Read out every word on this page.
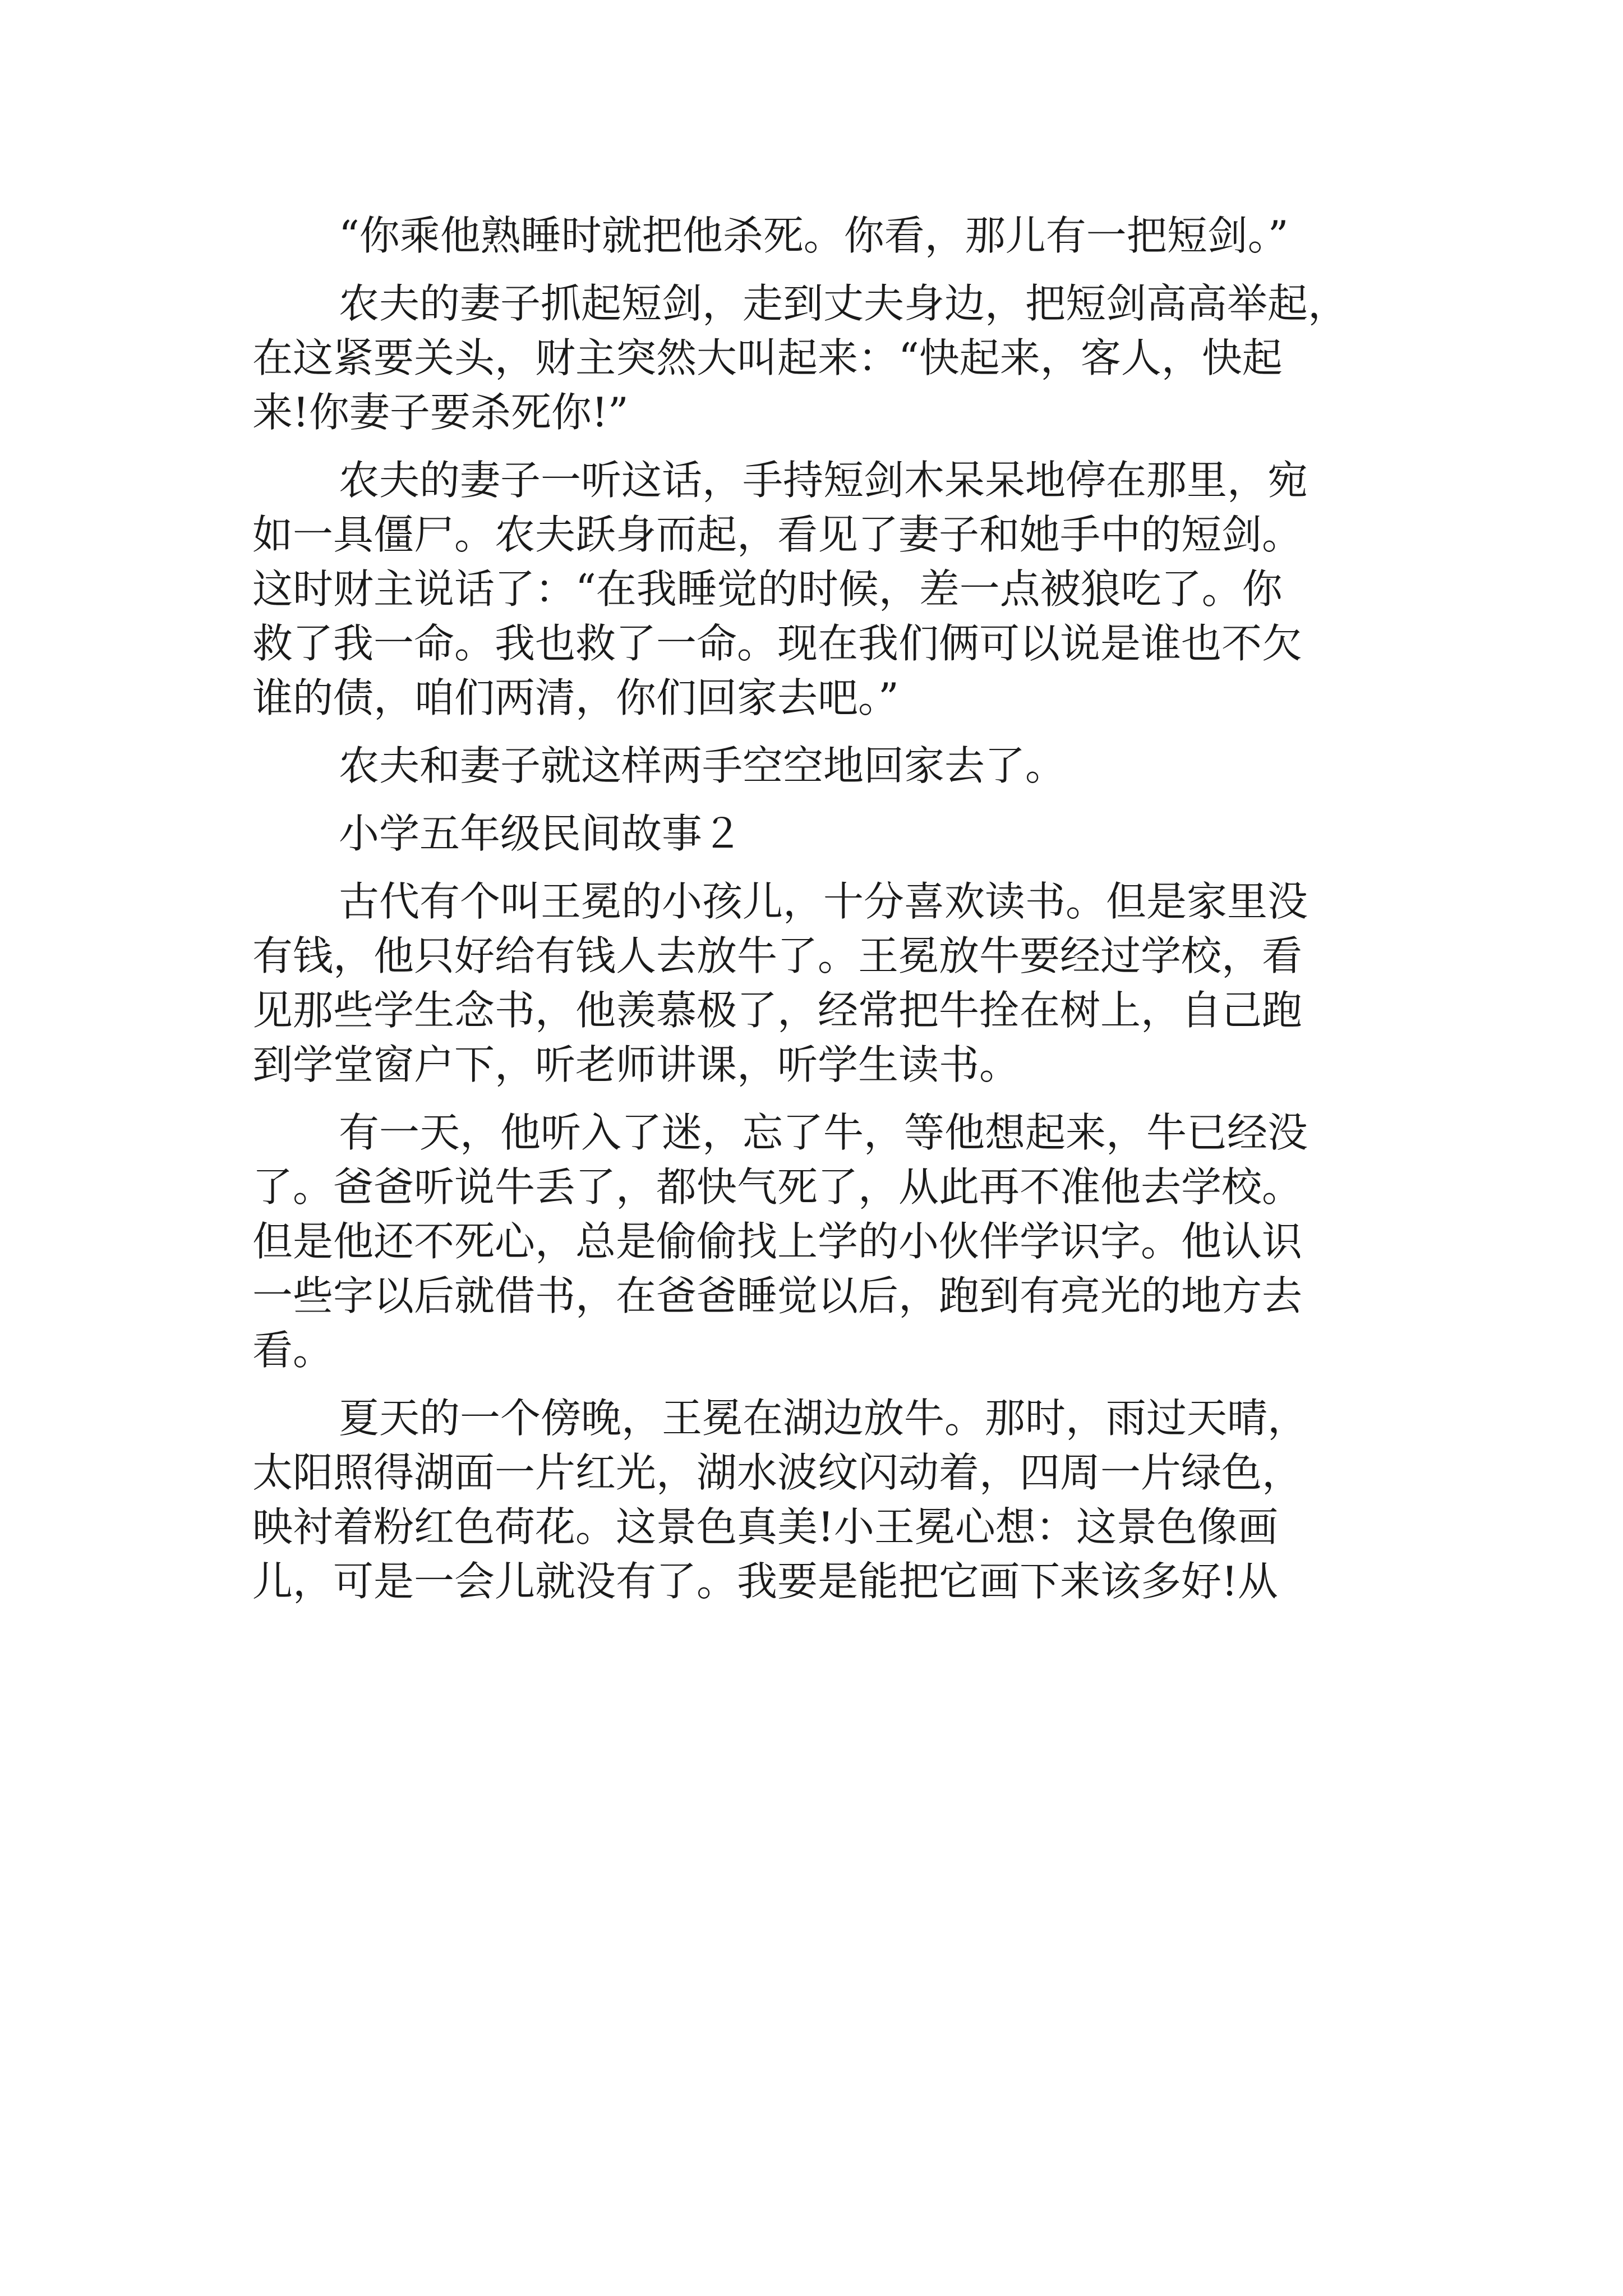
“你乘他熟睡时就把他杀死。你看，那儿有一把短剑。”
农夫的妻子抓起短剑，走到丈夫身边，把短剑高高举起，
在这紧要关头，财主突然大叫起来：“快起来，客人，快起
来!你妻子要杀死你!”
农夫的妻子一听这话，手持短剑木呆呆地停在那里，宛
如一具僵尸。农夫跃身而起，看见了妻子和她手中的短剑。
这时财主说话了：“在我睡觉的时候，差一点被狼吃了。你
救了我一命。我也救了一命。现在我们俩可以说是谁也不欠
谁的债，咱们两清，你们回家去吧。”
农夫和妻子就这样两手空空地回家去了。
小学五年级民间故事２
古代有个叫王冕的小孩儿，十分喜欢读书。但是家里没
有钱，他只好给有钱人去放牛了。王冕放牛要经过学校，看
见那些学生念书，他羡慕极了，经常把牛拴在树上，自己跑
到学堂窗户下，听老师讲课，听学生读书。
有一天，他听入了迷，忘了牛，等他想起来，牛已经没
了。爸爸听说牛丢了，都快气死了，从此再不准他去学校。
但是他还不死心，总是偷偷找上学的小伙伴学识字。他认识
一些字以后就借书，在爸爸睡觉以后，跑到有亮光的地方去
看。
夏天的一个傍晚，王冕在湖边放牛。那时，雨过天晴，
太阳照得湖面一片红光，湖水波纹闪动着，四周一片绿色，
映衬着粉红色荷花。这景色真美!小王冕心想：这景色像画
儿，可是一会儿就没有了。我要是能把它画下来该多好!从
